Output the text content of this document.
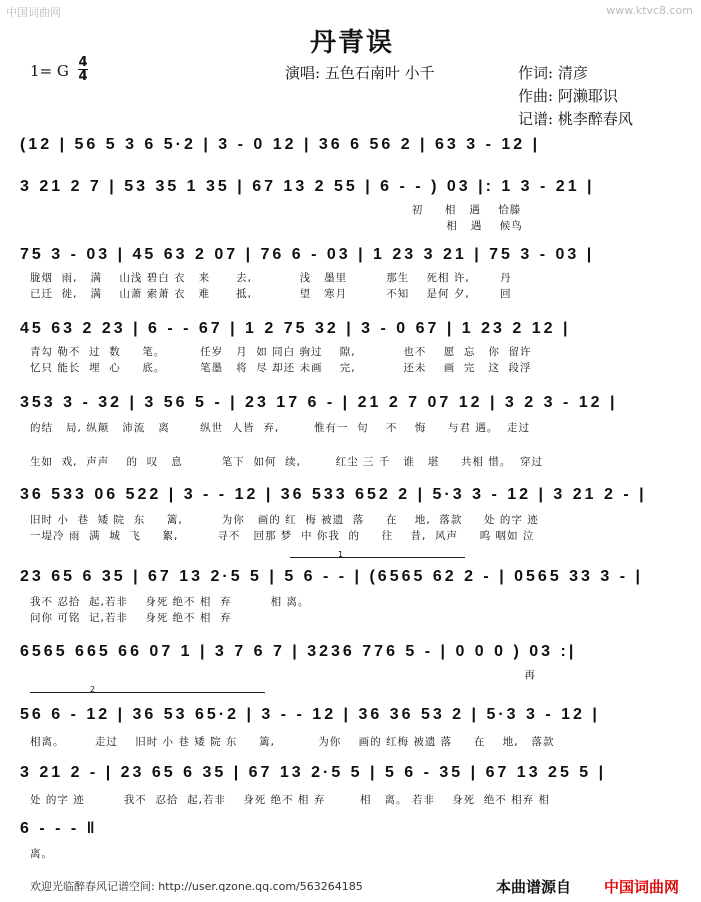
中国词曲网	www.ktvc8.com
丹青误
1= G 4
4	演唱: 五色石南叶 小千	作词: 清彦
作曲: 阿濑耶识
记谱: 桃李醉春风
(12 | 56 5 3 6 5·2 | 3 - 0 12 | 36 6 56 2 | 63 3 - 12 |
3 21 2 7 | 53 35 1 35 | 67 13 2 55 | 6 - - ) 03 |: 1 3 - 21 |
初     相   遇    恰滕
相   遇    候鸟
75 3 - 03 | 45 63 2 07 | 76 6 - 03 | 1 23 3 21 | 75 3 - 03 |
胧烟  雨,   满    山浅 碧白 衣   来      去,           浅   墨里         那生    死相 许,       丹
已迁  徙,   满    山萧 索萧 衣   难      抵,           望   寒月         不知    是何 夕,       回
45 63 2 23 | 6 - - 67 | 1 2 75 32 | 3 - 0 67 | 1 23 2 12 |
青勾 勒不  过  数     笔。        任岁   月  如 同白 驹过    隙,           也不    愿  忘   你  留许
忆只 能长  埋  心     底。        笔墨   将  尽 却还 未画    完,           还未    画  完   这  段浮
353 3 - 32 | 3 56 5 - | 23 17 6 - | 21 2 7 07 12 | 3 2 3 - 12 |
的结   局, 纵颠   沛流   离       纵世  人皆  弃,        惟有一  句    不    悔     与君 遇。  走过
生如  戏,  声声    的  叹   息         笔下  如何  续,        红尘 三 千   谁   堪     共相 惜。  穿过
36 533 06 522 | 3 - - 12 | 36 533 652 2 | 5·3 3 - 12 | 3 21 2 - |
旧时 小  巷  矮 院  东     篱,         为你   画的 红  梅 被遗  落     在    地,  落款     处 的字 迹
一堤冷 雨  满  城  飞     絮,         寻不   回那 梦  中 你我  的     往    昔,  风声     呜 咽如 泣
1
23 65 6 35 | 67 13 2·5 5 | 5 6 - - | (6565 62 2 - | 0565 33 3 - |
我不 忍拾  起,若非    身死 绝不 相  弃         相 离。
问你 可铭  记,若非    身死 绝不 相  弃
6565 665 66 07 1 | 3 7 6 7 | 3236 776 5 - | 0 0 0 ) 03 :|
再
2
56 6 - 12 | 36 53 65·2 | 3 - - 12 | 36 36 53 2 | 5·3 3 - 12 |
相离。       走过    旧时 小 巷 矮 院 东     篱,          为你    画的 红梅 被遗 落     在    地,   落款
3 21 2 - | 23 65 6 35 | 67 13 2·5 5 | 5 6 - 35 | 67 13 25 5 |
处 的字 迹         我不  忍拾  起,若非    身死 绝不 相 弃        相   离。 若非    身死  绝不 相弃 相
6 - - - ‖
离。
欢迎光临醉春风记谱空间: http://user.qzone.qq.com/563264185	本曲谱源自 中国词曲网
